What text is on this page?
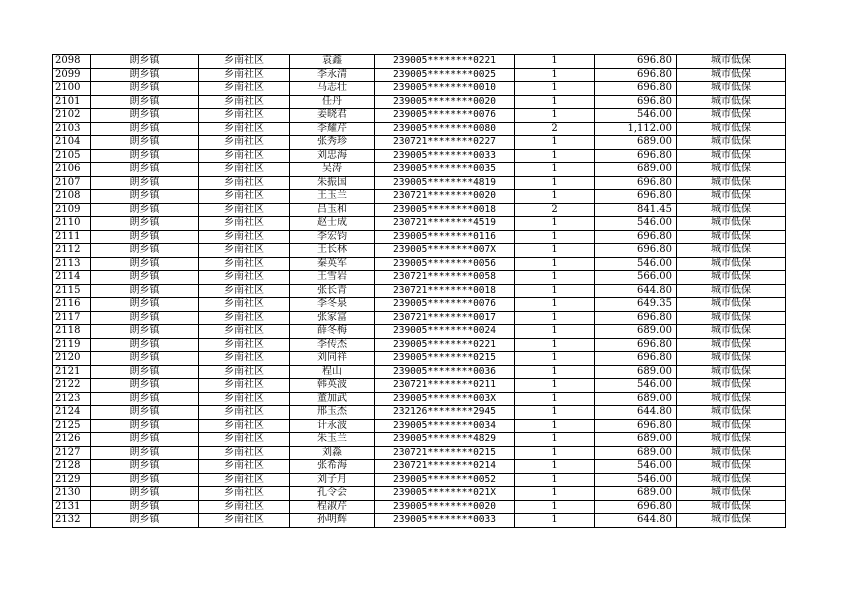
2098	朗乡镇	乡南社区	袁鑫	239005********0221	1	696.80	城市低保
2099	朗乡镇	乡南社区	李永清	239005********0025	1	696.80	城市低保
2100	朗乡镇	乡南社区	马志壮	239005********0010	1	696.80	城市低保
2101	朗乡镇	乡南社区	任丹	239005********0020	1	696.80	城市低保
2102	朗乡镇	乡南社区	姜晓君	239005********0076	1	546.00	城市低保
2103	朗乡镇	乡南社区	李耀芹	239005********0080	2	1,112.00	城市低保
2104	朗乡镇	乡南社区	张秀珍	230721********0227	1	689.00	城市低保
2105	朗乡镇	乡南社区	刘忠海	239005********0033	1	696.80	城市低保
2106	朗乡镇	乡南社区	吴涛	239005********0035	1	689.00	城市低保
2107	朗乡镇	乡南社区	朱振国	239005********4819	1	696.80	城市低保
2108	朗乡镇	乡南社区	王玉兰	230721********0020	1	696.80	城市低保
2109	朗乡镇	乡南社区	吕玉和	239005********0018	2	841.45	城市低保
2110	朗乡镇	乡南社区	赵士成	230721********4519	1	546.00	城市低保
2111	朗乡镇	乡南社区	李宏钧	239005********0116	1	696.80	城市低保
2112	朗乡镇	乡南社区	王长林	239005********007X	1	696.80	城市低保
2113	朗乡镇	乡南社区	秦英军	239005********0056	1	546.00	城市低保
2114	朗乡镇	乡南社区	王雪岩	230721********0058	1	566.00	城市低保
2115	朗乡镇	乡南社区	张长青	230721********0018	1	644.80	城市低保
2116	朗乡镇	乡南社区	李冬泉	239005********0076	1	649.35	城市低保
2117	朗乡镇	乡南社区	张家富	230721********0017	1	696.80	城市低保
2118	朗乡镇	乡南社区	薛冬梅	239005********0024	1	689.00	城市低保
2119	朗乡镇	乡南社区	李传杰	239005********0221	1	696.80	城市低保
2120	朗乡镇	乡南社区	刘同祥	239005********0215	1	696.80	城市低保
2121	朗乡镇	乡南社区	程山	239005********0036	1	689.00	城市低保
2122	朗乡镇	乡南社区	韩英波	230721********0211	1	546.00	城市低保
2123	朗乡镇	乡南社区	董加武	239005********003X	1	689.00	城市低保
2124	朗乡镇	乡南社区	邢玉杰	232126********2945	1	644.80	城市低保
2125	朗乡镇	乡南社区	计永波	239005********0034	1	696.80	城市低保
2126	朗乡镇	乡南社区	朱玉兰	239005********4829	1	689.00	城市低保
2127	朗乡镇	乡南社区	刘淼	230721********0215	1	689.00	城市低保
2128	朗乡镇	乡南社区	张希海	230721********0214	1	546.00	城市低保
2129	朗乡镇	乡南社区	刘子月	239005********0052	1	546.00	城市低保
2130	朗乡镇	乡南社区	孔令会	239005********021X	1	689.00	城市低保
2131	朗乡镇	乡南社区	程淑芹	239005********0020	1	696.80	城市低保
2132	朗乡镇	乡南社区	孙明辉	239005********0033	1	644.80	城市低保
